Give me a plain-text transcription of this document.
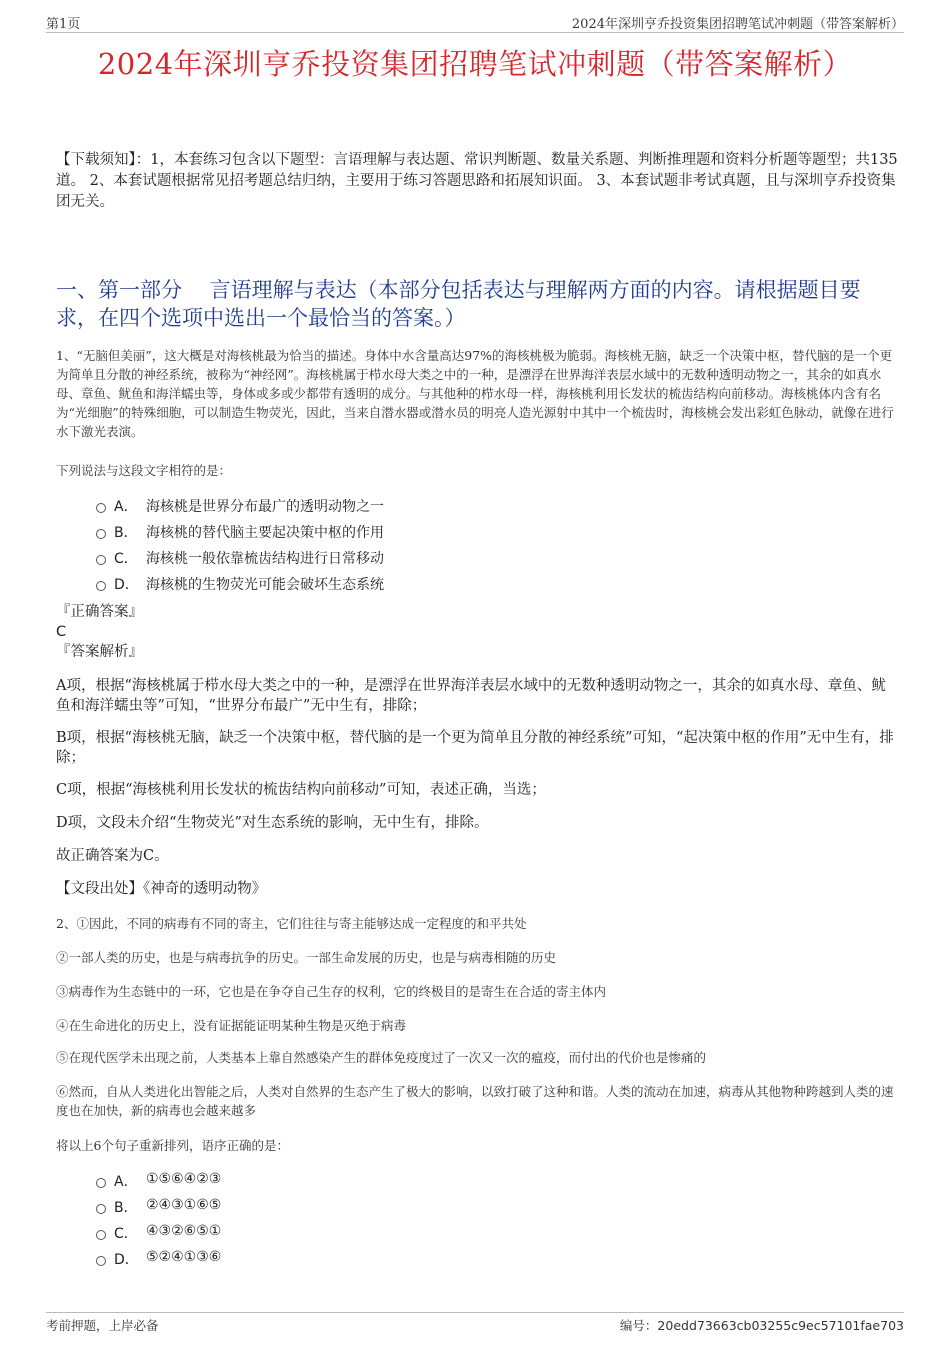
第1页	2024年深圳亨乔投资集团招聘笔试冲刺题（带答案解析）
2024年深圳亨乔投资集团招聘笔试冲刺题（带答案解析）
【下载须知】：1，本套练习包含以下题型：言语理解与表达题、常识判断题、数量关系题、判断推理题和资料分析题等题型；共135道。 2、本套试题根据常见招考题总结归纳，主要用于练习答题思路和拓展知识面。 3、本套试题非考试真题，且与深圳亨乔投资集团无关。
一、第一部分　 言语理解与表达（本部分包括表达与理解两方面的内容。请根据题目要求，在四个选项中选出一个最恰当的答案。）
1、“无脑但美丽”，这大概是对海核桃最为恰当的描述。身体中水含量高达97%的海核桃极为脆弱。海核桃无脑，缺乏一个决策中枢，替代脑的是一个更为简单且分散的神经系统，被称为“神经网”。海核桃属于栉水母大类之中的一种，是漂浮在世界海洋表层水域中的无数种透明动物之一，其余的如真水母、章鱼、鱿鱼和海洋蠕虫等，身体或多或少都带有透明的成分。与其他种的栉水母一样，海核桃利用长发状的梳齿结构向前移动。海核桃体内含有名为“光细胞”的特殊细胞，可以制造生物荧光，因此，当来自潜水器或潜水员的明亮人造光源射中其中一个梳齿时，海核桃会发出彩虹色脉动，就像在进行水下激光表演。
下列说法与这段文字相符的是：
A． 海核桃是世界分布最广的透明动物之一
B． 海核桃的替代脑主要起决策中枢的作用
C． 海核桃一般依靠梳齿结构进行日常移动
D． 海核桃的生物荧光可能会破坏生态系统
『正确答案』
C
『答案解析』
A项，根据“海核桃属于栉水母大类之中的一种，是漂浮在世界海洋表层水域中的无数种透明动物之一，其余的如真水母、章鱼、鱿鱼和海洋蠕虫等”可知，“世界分布最广”无中生有，排除；
B项，根据“海核桃无脑，缺乏一个决策中枢，替代脑的是一个更为简单且分散的神经系统”可知，“起决策中枢的作用”无中生有，排除；
C项，根据“海核桃利用长发状的梳齿结构向前移动”可知，表述正确，当选；
D项，文段未介绍“生物荧光”对生态系统的影响，无中生有，排除。
故正确答案为C。
【文段出处】《神奇的透明动物》
2、①因此，不同的病毒有不同的寄主，它们往往与寄主能够达成一定程度的和平共处
②一部人类的历史，也是与病毒抗争的历史。一部生命发展的历史，也是与病毒相随的历史
③病毒作为生态链中的一环，它也是在争夺自己生存的权利，它的终极目的是寄生在合适的寄主体内
④在生命进化的历史上，没有证据能证明某种生物是灭绝于病毒
⑤在现代医学未出现之前，人类基本上靠自然感染产生的群体免疫度过了一次又一次的瘟疫，而付出的代价也是惨痛的
⑥然而，自从人类进化出智能之后，人类对自然界的生态产生了极大的影响，以致打破了这种和谐。人类的流动在加速，病毒从其他物种跨越到人类的速度也在加快，新的病毒也会越来越多
将以上6个句子重新排列，语序正确的是：
A． ①⑤⑥④②③
B． ②④③①⑥⑤
C． ④③②⑥⑤①
D． ⑤②④①③⑥
考前押题，上岸必备	编号：20edd73663cb03255c9ec57101fae703
